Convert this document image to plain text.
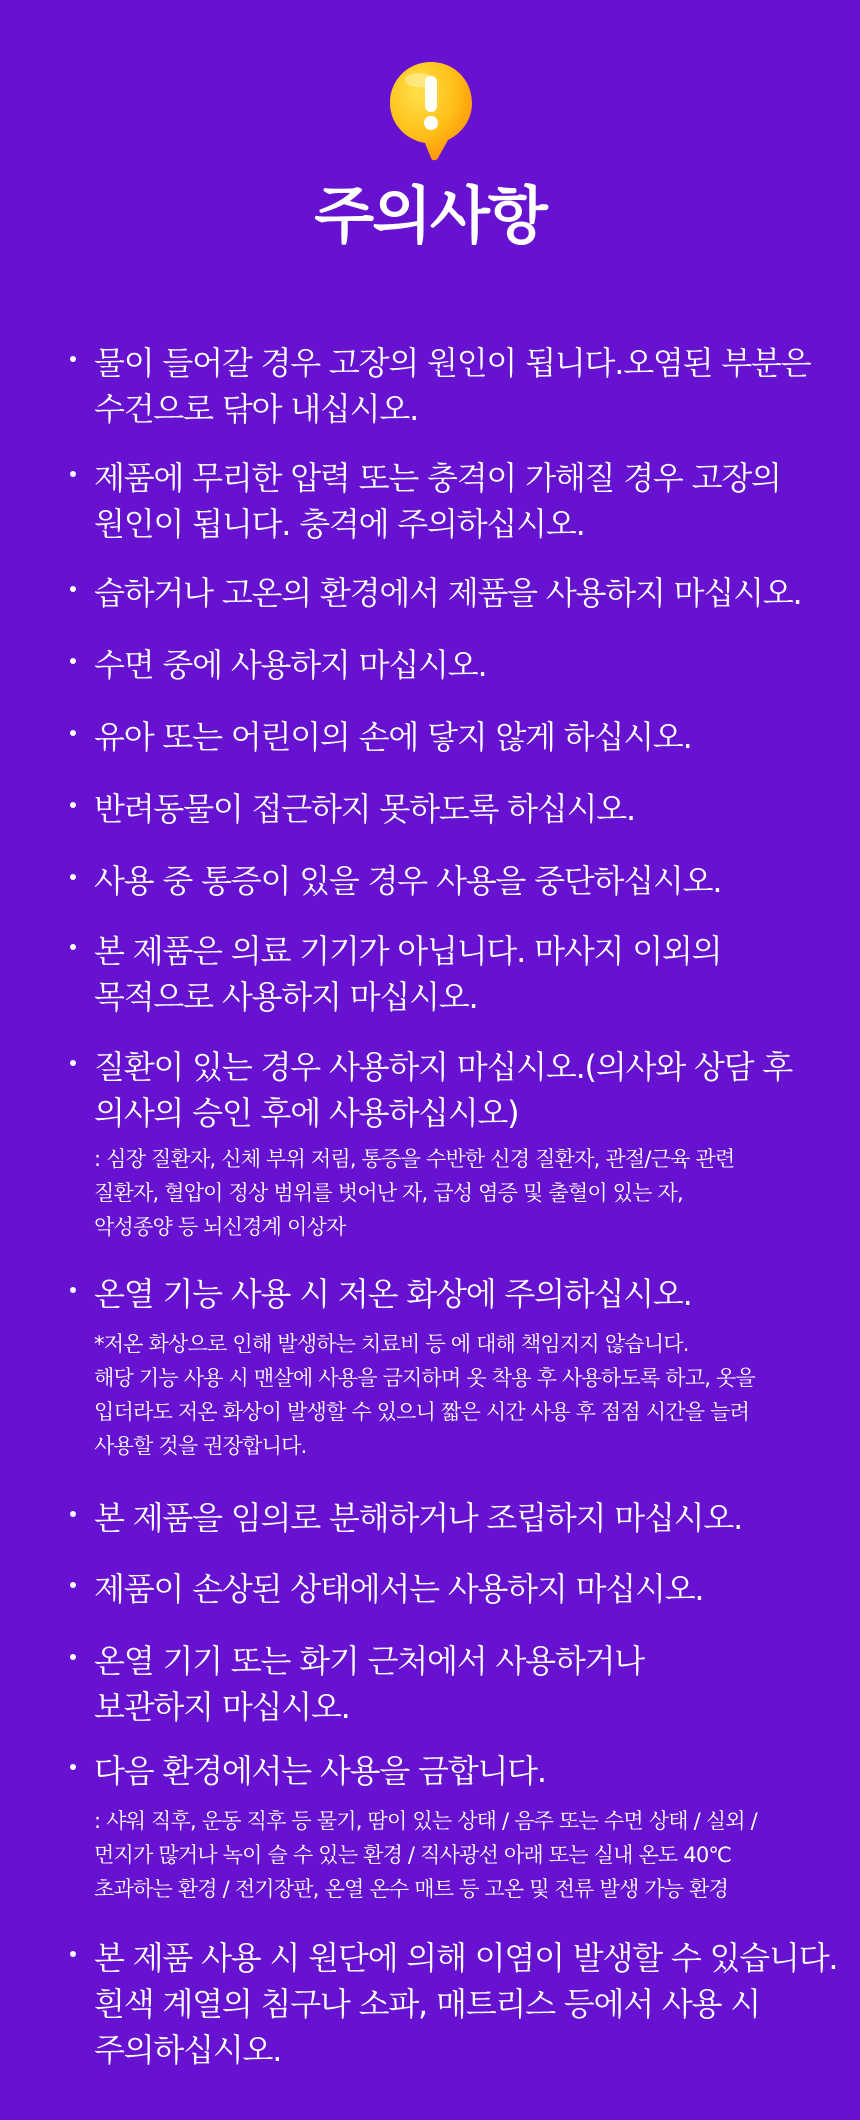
주의사항

물이 들어갈 경우 고장의 원인이 됩니다.오염된 부분은
수건으로 닦아 내십시오.

제품에 무리한 압력 또는 충격이 가해질 경우 고장의
원인이 됩니다. 충격에 주의하십시오.

습하거나 고온의 환경에서 제품을 사용하지 마십시오.

수면 중에 사용하지 마십시오.

유아 또는 어린이의 손에 닿지 않게 하십시오.

반려동물이 접근하지 못하도록 하십시오.

사용 중 통증이 있을 경우 사용을 중단하십시오.

본 제품은 의료 기기가 아닙니다. 마사지 이외의
목적으로 사용하지 마십시오.

질환이 있는 경우 사용하지 마십시오.(의사와 상담 후
의사의 승인 후에 사용하십시오)

: 심장 질환자, 신체 부위 저림, 통증을 수반한 신경 질환자, 관절/근육 관련
질환자, 혈압이 정상 범위를 벗어난 자, 급성 염증 및 출혈이 있는 자,
악성종양 등 뇌신경계 이상자

온열 기능 사용 시 저온 화상에 주의하십시오.

*저온 화상으로 인해 발생하는 치료비 등 에 대해 책임지지 않습니다.
해당 기능 사용 시 맨살에 사용을 금지하며 옷 착용 후 사용하도록 하고, 옷을
입더라도 저온 화상이 발생할 수 있으니 짧은 시간 사용 후 점점 시간을 늘려
사용할 것을 권장합니다.

본 제품을 임의로 분해하거나 조립하지 마십시오.

제품이 손상된 상태에서는 사용하지 마십시오.

온열 기기 또는 화기 근처에서 사용하거나
보관하지 마십시오.

다음 환경에서는 사용을 금합니다.

: 샤워 직후, 운동 직후 등 물기, 땀이 있는 상태 / 음주 또는 수면 상태 / 실외 /
먼지가 많거나 녹이 슬 수 있는 환경 / 직사광선 아래 또는 실내 온도 40℃
초과하는 환경 / 전기장판, 온열 온수 매트 등 고온 및 전류 발생 가능 환경

본 제품 사용 시 원단에 의해 이염이 발생할 수 있습니다.
흰색 계열의 침구나 소파, 매트리스 등에서 사용 시
주의하십시오.
